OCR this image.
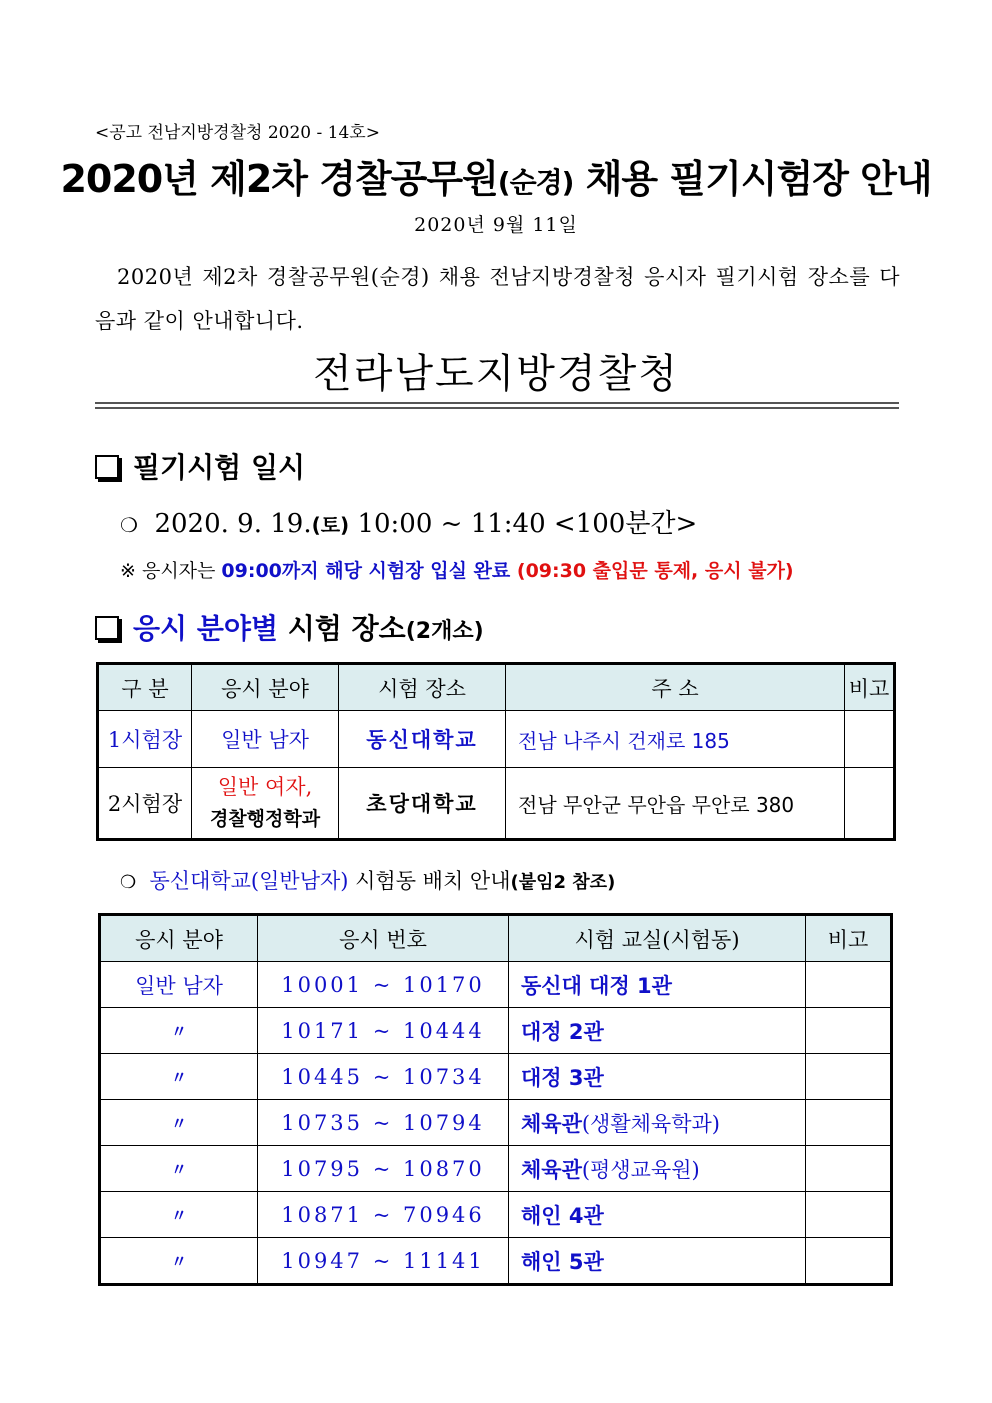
<공고 전남지방경찰청 2020 - 14호>
2020년 제2차 경찰공무원(순경) 채용 필기시험장 안내
2020년 9월 11일
2020년 제2차 경찰공무원(순경) 채용 전남지방경찰청 응시자 필기시험 장소를 다음과 같이 안내합니다.
전라남도지방경찰청
필기시험 일시
❍ 2020. 9. 19.(토) 10:00 ~ 11:40 <100분간>
※ 응시자는 09:00까지 해당 시험장 입실 완료 (09:30 출입문 통제, 응시 불가)
응시 분야별 시험 장소(2개소)
구 분	응시 분야	시험 장소	주 소	비고
1시험장	일반 남자	동신대학교	전남 나주시 건재로 185	
2시험장	일반 여자,
경찰행정학과	초당대학교	전남 무안군 무안읍 무안로 380	
❍ 동신대학교(일반남자) 시험동 배치 안내(붙임2 참조)
응시 분야	응시 번호	시험 교실(시험동)	비고
일반 남자	10001 ~ 10170	동신대 대정 1관	
〃	10171 ~ 10444	대정 2관	
〃	10445 ~ 10734	대정 3관	
〃	10735 ~ 10794	체육관(생활체육학과)	
〃	10795 ~ 10870	체육관(평생교육원)	
〃	10871 ~ 70946	해인 4관	
〃	10947 ~ 11141	해인 5관	
